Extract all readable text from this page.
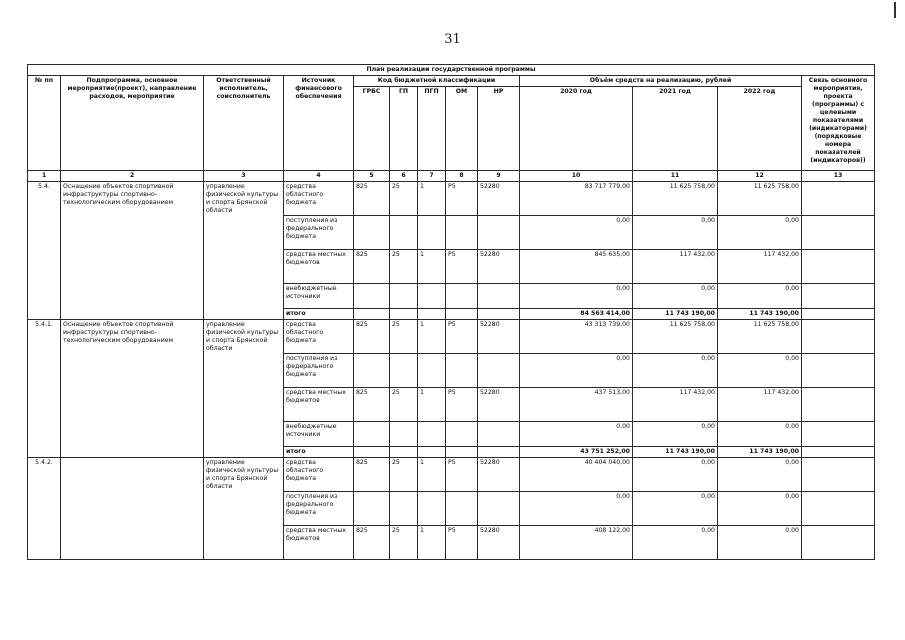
31
План реализации государственной программы												
№ пп	Подпрограмма, основное мероприятие(проект), направление расходов, мероприятие	Ответственный исполнитель, соисполнитель	Источник финансового обеспечения	Код бюджетной классификации					Объём средств на реализацию, рублей			Связь основного мероприятия, проекта (программы) с целевыми показателями (индикаторами) (порядковые номера показателей (индикаторов))
				ГРБС	ГП	ПГП	ОМ	НР	2020 год	2021 год	2022 год	
1	2	3	4	5	6	7	8	9	10	11	12	13
5.4.	Оснащение объектов спортивной инфраструктуры спортивно-технологическим оборудованием	управление физической культуры и спорта Брянской области	средства областного бюджета	825	25	1	P5	52280	83 717 779,00	11 625 758,00	11 625 758,00	
			поступления из федерального бюджета						0,00	0,00	0,00	
			средства местных бюджетов	825	25	1	P5	52280	845 635,00	117 432,00	117 432,00	
			внебюджетные источники						0,00	0,00	0,00	
			итого						84 563 414,00	11 743 190,00	11 743 190,00	
5.4.1.	Оснащение объектов спортивной инфраструктуры спортивно-технологическим оборудованием	управление физической культуры и спорта Брянской области	средства областного бюджета	825	25	1	P5	52280	43 313 739,00	11 625 758,00	11 625 758,00	
			поступления из федерального бюджета						0,00	0,00	0,00	
			средства местных бюджетов	825	25	1	P5	52280	437 513,00	117 432,00	117 432,00	
			внебюджетные источники						0,00	0,00	0,00	
			итого						43 751 252,00	11 743 190,00	11 743 190,00	
5.4.2.		управление физической культуры и спорта Брянской области	средства областного бюджета	825	25	1	P5	52280	40 404 040,00	0,00	0,00	
			поступления из федерального бюджета						0,00	0,00	0,00	
			средства местных бюджетов	825	25	1	P5	52280	408 122,00	0,00	0,00	
